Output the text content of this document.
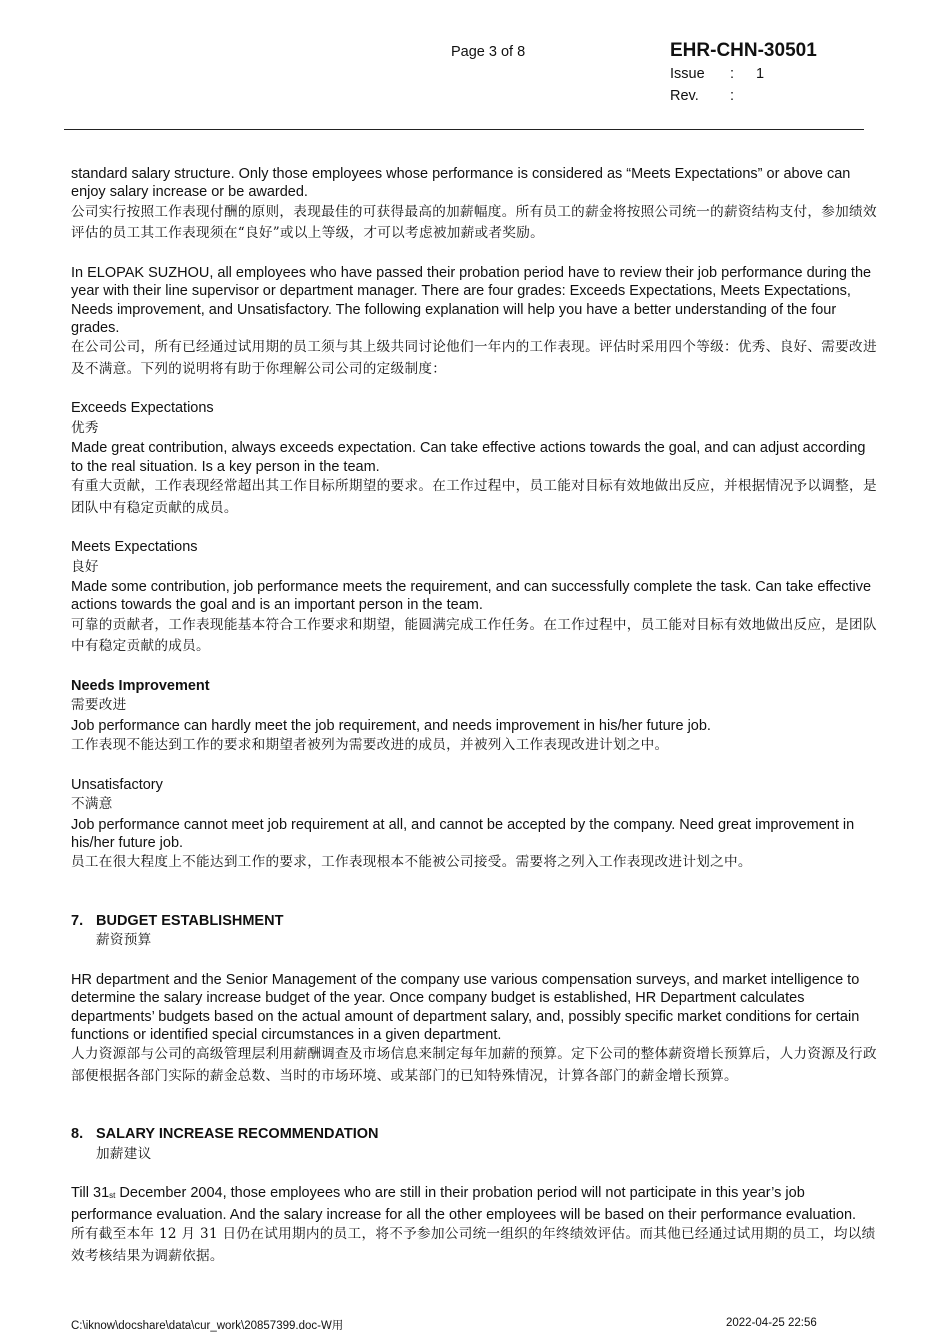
Page 3 of 8	EHR-CHN-30501
Issue : 1
Rev. :

standard salary structure. Only those employees whose performance is considered as “Meets Expectations” or above can enjoy salary increase or be awarded.

公司实行按照工作表现付酬的原则，表现最佳的可获得最高的加薪幅度。所有员工的薪金将按照公司统一的薪资结构支付，参加绩效评估的员工其工作表现须在“良好”或以上等级，才可以考虑被加薪或者奖励。

In ELOPAK SUZHOU, all employees who have passed their probation period have to review their job performance during the year with their line supervisor or department manager. There are four grades: Exceeds Expectations, Meets Expectations, Needs improvement, and Unsatisfactory. The following explanation will help you have a better understanding of the four grades.

在公司公司，所有已经通过试用期的员工须与其上级共同讨论他们一年内的工作表现。评估时采用四个等级：优秀、良好、需要改进及不满意。下列的说明将有助于你理解公司公司的定级制度：

Exceeds Expectations

优秀

Made great contribution, always exceeds expectation. Can take effective actions towards the goal, and can adjust according to the real situation. Is a key person in the team.

有重大贡献，工作表现经常超出其工作目标所期望的要求。在工作过程中，员工能对目标有效地做出反应，并根据情况予以调整，是团队中有稳定贡献的成员。

Meets Expectations

良好

Made some contribution, job performance meets the requirement, and can successfully complete the task. Can take effective actions towards the goal and is an important person in the team.

可靠的贡献者，工作表现能基本符合工作要求和期望，能圆满完成工作任务。在工作过程中，员工能对目标有效地做出反应，是团队中有稳定贡献的成员。

Needs Improvement

需要改进

Job performance can hardly meet the job requirement, and needs improvement in his/her future job.

工作表现不能达到工作的要求和期望者被列为需要改进的成员，并被列入工作表现改进计划之中。

Unsatisfactory

不满意

Job performance cannot meet job requirement at all, and cannot be accepted by the company. Need great improvement in his/her future job.

员工在很大程度上不能达到工作的要求，工作表现根本不能被公司接受。需要将之列入工作表现改进计划之中。

7. BUDGET ESTABLISHMENT

薪资预算

HR department and the Senior Management of the company use various compensation surveys, and market intelligence to determine the salary increase budget of the year. Once company budget is established, HR Department calculates departments’ budgets based on the actual amount of department salary, and, possibly specific market conditions for certain functions or identified special circumstances in a given department.

人力资源部与公司的高级管理层利用薪酬调查及市场信息来制定每年加薪的预算。定下公司的整体薪资增长预算后，人力资源及行政部便根据各部门实际的薪金总数、当时的市场环境、或某部门的已知特殊情况，计算各部门的薪金增长预算。

8. SALARY INCREASE RECOMMENDATION

加薪建议

Till $31_{st}$ December 2004, those employees who are still in their probation period will not participate in this year’s job performance evaluation. And the salary increase for all the other employees will be based on their performance evaluation.

所有截至本年 12 月 31 日仍在试用期内的员工，将不予参加公司统一组织的年终绩效评估。而其他已经通过试用期的员工，均以绩效考核结果为调薪依据。

C:\iknow\docshare\data\cur_work\20857399.doc-W用	2022-04-25 22:56
